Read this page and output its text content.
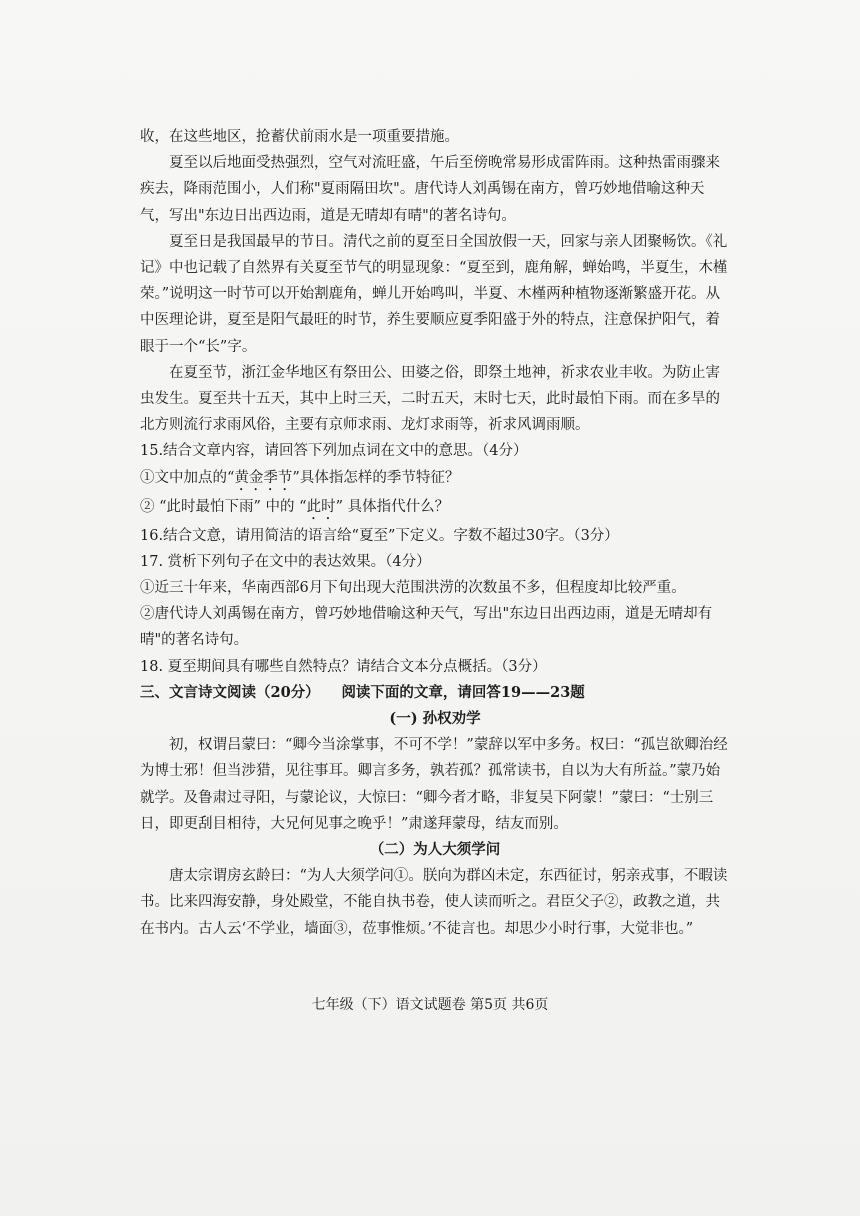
收，在这些地区，抢蓄伏前雨水是一项重要措施。

夏至以后地面受热强烈，空气对流旺盛，午后至傍晚常易形成雷阵雨。这种热雷雨骤来疾去，降雨范围小，人们称"夏雨隔田坎"。唐代诗人刘禹锡在南方，曾巧妙地借喻这种天气，写出"东边日出西边雨，道是无晴却有晴"的著名诗句。

夏至日是我国最早的节日。清代之前的夏至日全国放假一天，回家与亲人团聚畅饮。《礼记》中也记载了自然界有关夏至节气的明显现象：“夏至到，鹿角解，蝉始鸣，半夏生，木槿荣。”说明这一时节可以开始割鹿角，蝉儿开始鸣叫，半夏、木槿两种植物逐渐繁盛开花。从中医理论讲，夏至是阳气最旺的时节，养生要顺应夏季阳盛于外的特点，注意保护阳气，着眼于一个“长”字。

在夏至节，浙江金华地区有祭田公、田婆之俗，即祭土地神，祈求农业丰收。为防止害虫发生。夏至共十五天，其中上时三天，二时五天，末时七天，此时最怕下雨。而在多旱的北方则流行求雨风俗，主要有京师求雨、龙灯求雨等，祈求风调雨顺。

15.结合文章内容，请回答下列加点词在文中的意思。（4分）

①文中加点的“黄金季节”具体指怎样的季节特征？

② “此时最怕下雨” 中的 “此时” 具体指代什么？

16.结合文意，请用简洁的语言给“夏至”下定义。字数不超过30字。（3分）

17. 赏析下列句子在文中的表达效果。（4分）

①近三十年来，华南西部6月下旬出现大范围洪涝的次数虽不多，但程度却比较严重。

②唐代诗人刘禹锡在南方，曾巧妙地借喻这种天气，写出"东边日出西边雨，道是无晴却有晴"的著名诗句。

18. 夏至期间具有哪些自然特点？请结合文本分点概括。（3分）

三、文言诗文阅读（20分）　　 阅读下面的文章，请回答19——23题

(一) 孙权劝学

初，权谓吕蒙曰：“卿今当涂掌事，不可不学！”蒙辞以军中多务。权曰：“孤岂欲卿治经为博士邪！但当涉猎，见往事耳。卿言多务，孰若孤？孤常读书，自以为大有所益。”蒙乃始就学。及鲁肃过寻阳，与蒙论议，大惊曰：“卿今者才略，非复吴下阿蒙！”蒙曰：“士别三日，即更刮目相待，大兄何见事之晚乎！”肃遂拜蒙母，结友而别。

（二）为人大须学问

唐太宗谓房玄龄曰：“为人大须学问①。朕向为群凶未定，东西征讨，躬亲戎事，不暇读书。比来四海安静，身处殿堂，不能自执书卷，使人读而听之。君臣父子②，政教之道，共在书内。古人云‘不学业，墙面③，莅事惟烦。’不徒言也。却思少小时行事，大觉非也。”

七年级（下）语文试题卷 第5页 共6页
